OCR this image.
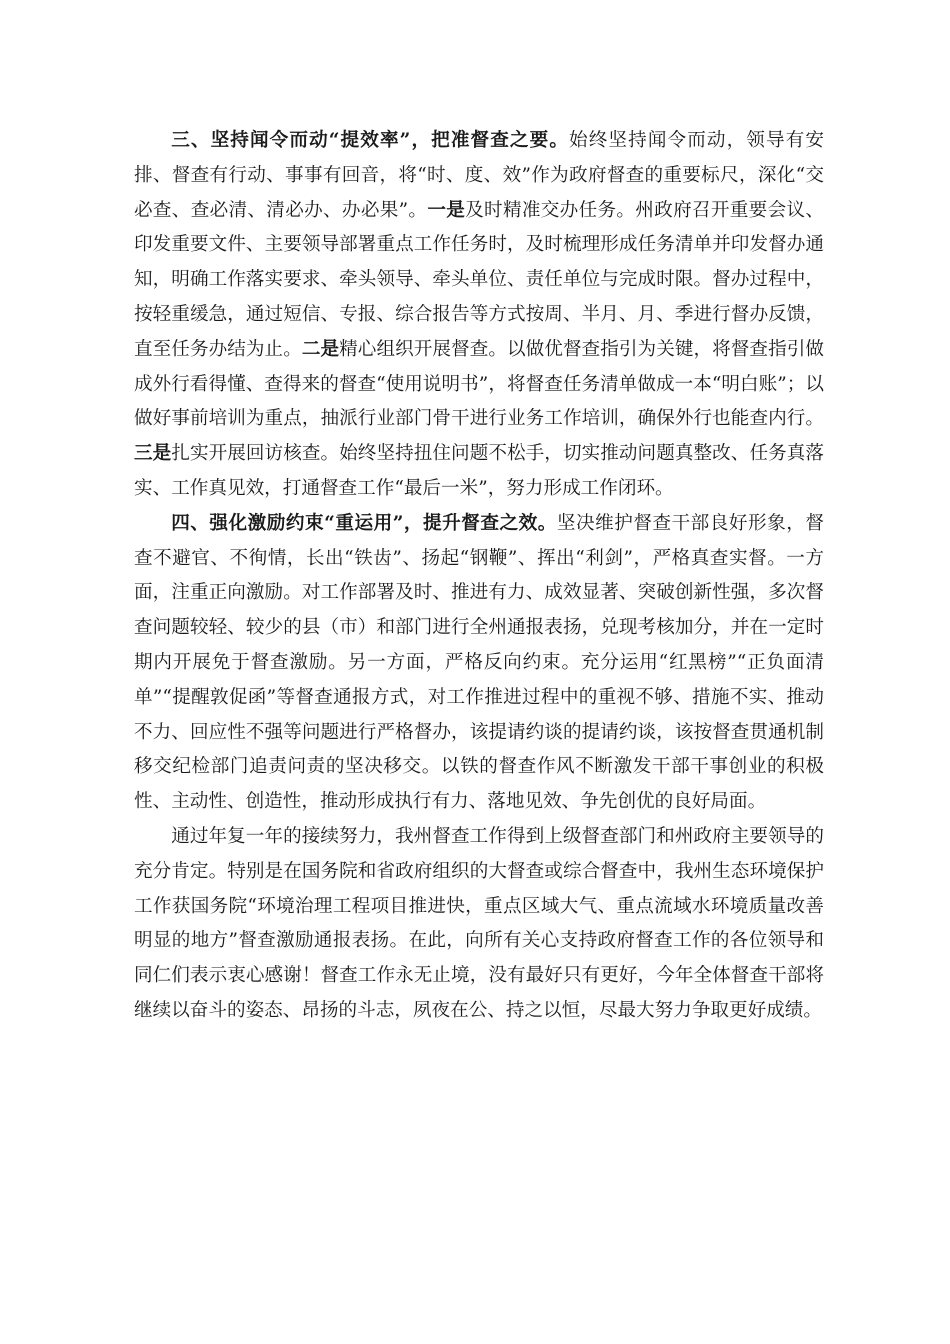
三、坚持闻令而动“提效率”，把准督查之要。始终坚持闻令而动，领导有安排、督查有行动、事事有回音，将“时、度、效”作为政府督查的重要标尺，深化“交必查、查必清、清必办、办必果”。一是及时精准交办任务。州政府召开重要会议、印发重要文件、主要领导部署重点工作任务时，及时梳理形成任务清单并印发督办通知，明确工作落实要求、牵头领导、牵头单位、责任单位与完成时限。督办过程中，按轻重缓急，通过短信、专报、综合报告等方式按周、半月、月、季进行督办反馈，直至任务办结为止。二是精心组织开展督查。以做优督查指引为关键，将督查指引做成外行看得懂、查得来的督查“使用说明书”，将督查任务清单做成一本“明白账”；以做好事前培训为重点，抽派行业部门骨干进行业务工作培训，确保外行也能查内行。三是扎实开展回访核查。始终坚持扭住问题不松手，切实推动问题真整改、任务真落实、工作真见效，打通督查工作“最后一米”，努力形成工作闭环。

四、强化激励约束“重运用”，提升督查之效。坚决维护督查干部良好形象，督查不避官、不徇情，长出“铁齿”、扬起“钢鞭”、挥出“利剑”，严格真查实督。一方面，注重正向激励。对工作部署及时、推进有力、成效显著、突破创新性强，多次督查问题较轻、较少的县（市）和部门进行全州通报表扬，兑现考核加分，并在一定时期内开展免于督查激励。另一方面，严格反向约束。充分运用“红黑榜”“正负面清单”“提醒敦促函”等督查通报方式，对工作推进过程中的重视不够、措施不实、推动不力、回应性不强等问题进行严格督办，该提请约谈的提请约谈，该按督查贯通机制移交纪检部门追责问责的坚决移交。以铁的督查作风不断激发干部干事创业的积极性、主动性、创造性，推动形成执行有力、落地见效、争先创优的良好局面。

通过年复一年的接续努力，我州督查工作得到上级督查部门和州政府主要领导的充分肯定。特别是在国务院和省政府组织的大督查或综合督查中，我州生态环境保护工作获国务院“环境治理工程项目推进快，重点区域大气、重点流域水环境质量改善明显的地方”督查激励通报表扬。在此，向所有关心支持政府督查工作的各位领导和同仁们表示衷心感谢！督查工作永无止境，没有最好只有更好，今年全体督查干部将继续以奋斗的姿态、昂扬的斗志，夙夜在公、持之以恒，尽最大努力争取更好成绩。
